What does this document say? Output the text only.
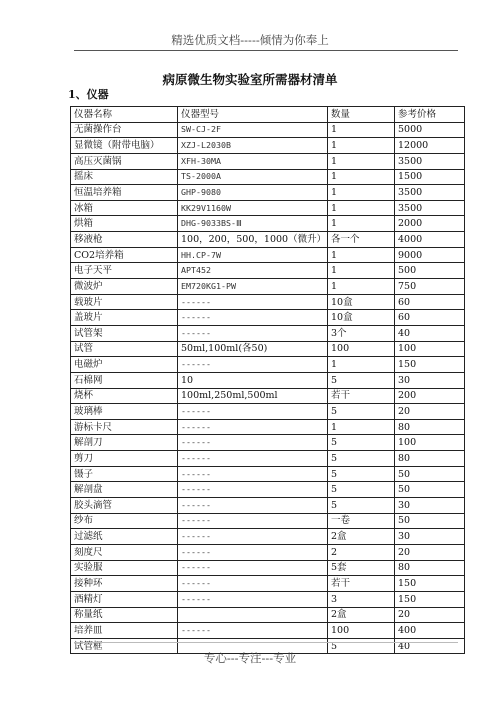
精选优质文档-----倾情为你奉上
病原微生物实验室所需器材清单
1、仪器
仪器名称	仪器型号	数量	参考价格
无菌操作台	SW-CJ-2F	1	5000
显微镜（附带电脑）	XZJ-L2030B	1	12000
高压灭菌锅	XFH-30MA	1	3500
摇床	TS-2000A	1	1500
恒温培养箱	GHP-9080	1	3500
冰箱	KK29V1160W	1	3500
烘箱	DHG-9033BS-Ⅲ	1	2000
移液枪	100，200，500，1000（微升）	各一个	4000
CO2培养箱	HH.CP-7W	1	9000
电子天平	APT452	1	500
微波炉	EM720KG1-PW	1	750
载玻片	------	10盒	60
盖玻片	------	10盒	60
试管架	------	3个	40
试管	50ml,100ml(各50)	100	100
电磁炉	------	1	150
石棉网	10	5	30
烧杯	100ml,250ml,500ml	若干	200
玻璃棒	------	5	20
游标卡尺	------	1	80
解剖刀	------	5	100
剪刀	------	5	80
镊子	------	5	50
解剖盘	------	5	50
胶头滴管	------	5	30
纱布	------	一卷	50
过滤纸	------	2盒	30
刻度尺	------	2	20
实验服	------	5套	80
接种环	------	若干	150
酒精灯	------	3	150
称量纸		2盒	20
培养皿	------	100	400
试管框		5	40
专心---专注---专业
